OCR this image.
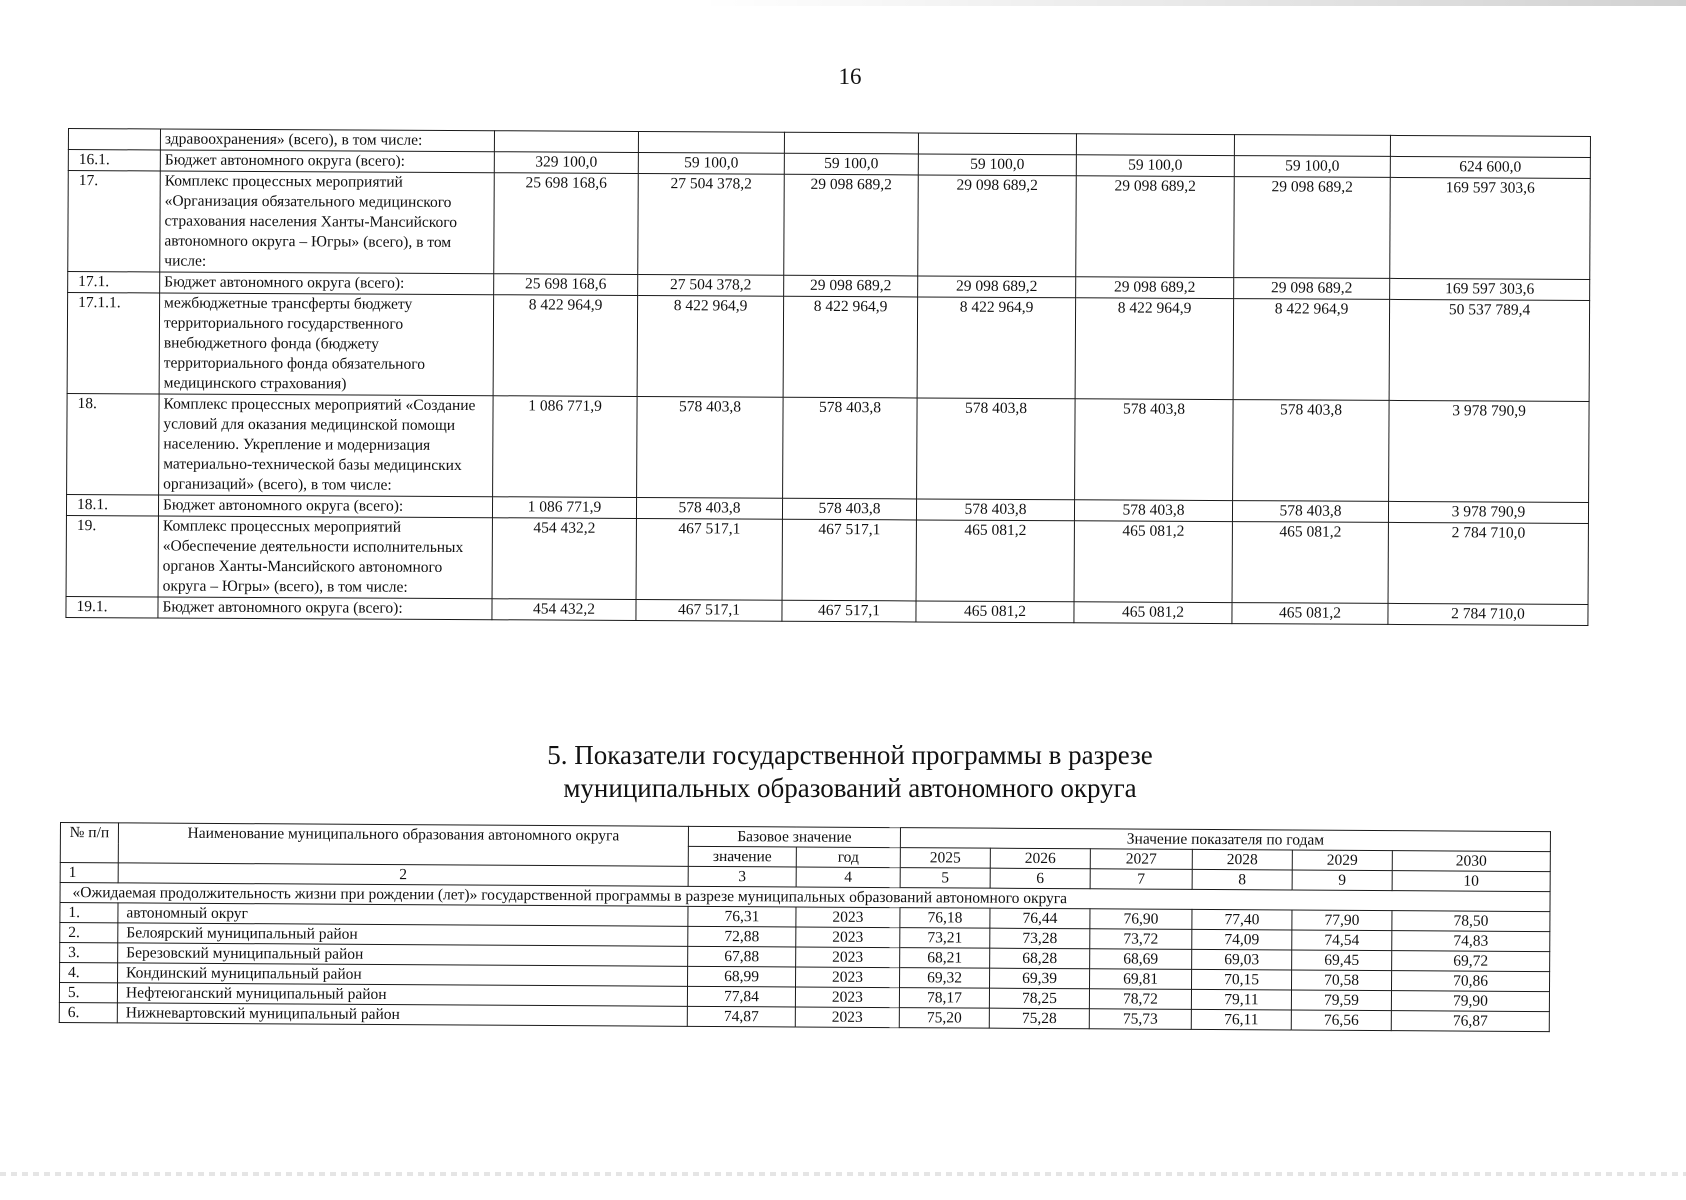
16
	здравоохранения» (всего), в том числе:							
16.1.	Бюджет автономного округа (всего):	329 100,0	59 100,0	59 100,0	59 100,0	59 100,0	59 100,0	624 600,0
17.	Комплекс процессных мероприятий «Организация обязательного медицинского страхования населения Ханты-Мансийского автономного округа – Югры» (всего), в том числе:	25 698 168,6	27 504 378,2	29 098 689,2	29 098 689,2	29 098 689,2	29 098 689,2	169 597 303,6
17.1.	Бюджет автономного округа (всего):	25 698 168,6	27 504 378,2	29 098 689,2	29 098 689,2	29 098 689,2	29 098 689,2	169 597 303,6
17.1.1.	межбюджетные трансферты бюджету территориального государственного внебюджетного фонда (бюджету территориального фонда обязательного медицинского страхования)	8 422 964,9	8 422 964,9	8 422 964,9	8 422 964,9	8 422 964,9	8 422 964,9	50 537 789,4
18.	Комплекс процессных мероприятий «Создание условий для оказания медицинской помощи населению. Укрепление и модернизация материально-технической базы медицинских организаций» (всего), в том числе:	1 086 771,9	578 403,8	578 403,8	578 403,8	578 403,8	578 403,8	3 978 790,9
18.1.	Бюджет автономного округа (всего):	1 086 771,9	578 403,8	578 403,8	578 403,8	578 403,8	578 403,8	3 978 790,9
19.	Комплекс процессных мероприятий «Обеспечение деятельности исполнительных органов Ханты-Мансийского автономного округа – Югры» (всего), в том числе:	454 432,2	467 517,1	467 517,1	465 081,2	465 081,2	465 081,2	2 784 710,0
19.1.	Бюджет автономного округа (всего):	454 432,2	467 517,1	467 517,1	465 081,2	465 081,2	465 081,2	2 784 710,0
5. Показатели государственной программы в разрезе
муниципальных образований автономного округа
№ п/п	Наименование муниципального образования автономного округа	Базовое значение		Значение показателя по годам					
		значение	год	2025	2026	2027	2028	2029	2030
1	2	3	4	5	6	7	8	9	10
«Ожидаемая продолжительность жизни при рождении (лет)» государственной программы в разрезе муниципальных образований автономного округа									
1.	автономный округ	76,31	2023	76,18	76,44	76,90	77,40	77,90	78,50
2.	Белоярский муниципальный район	72,88	2023	73,21	73,28	73,72	74,09	74,54	74,83
3.	Березовский муниципальный район	67,88	2023	68,21	68,28	68,69	69,03	69,45	69,72
4.	Кондинский муниципальный район	68,99	2023	69,32	69,39	69,81	70,15	70,58	70,86
5.	Нефтеюганский муниципальный район	77,84	2023	78,17	78,25	78,72	79,11	79,59	79,90
6.	Нижневартовский муниципальный район	74,87	2023	75,20	75,28	75,73	76,11	76,56	76,87
